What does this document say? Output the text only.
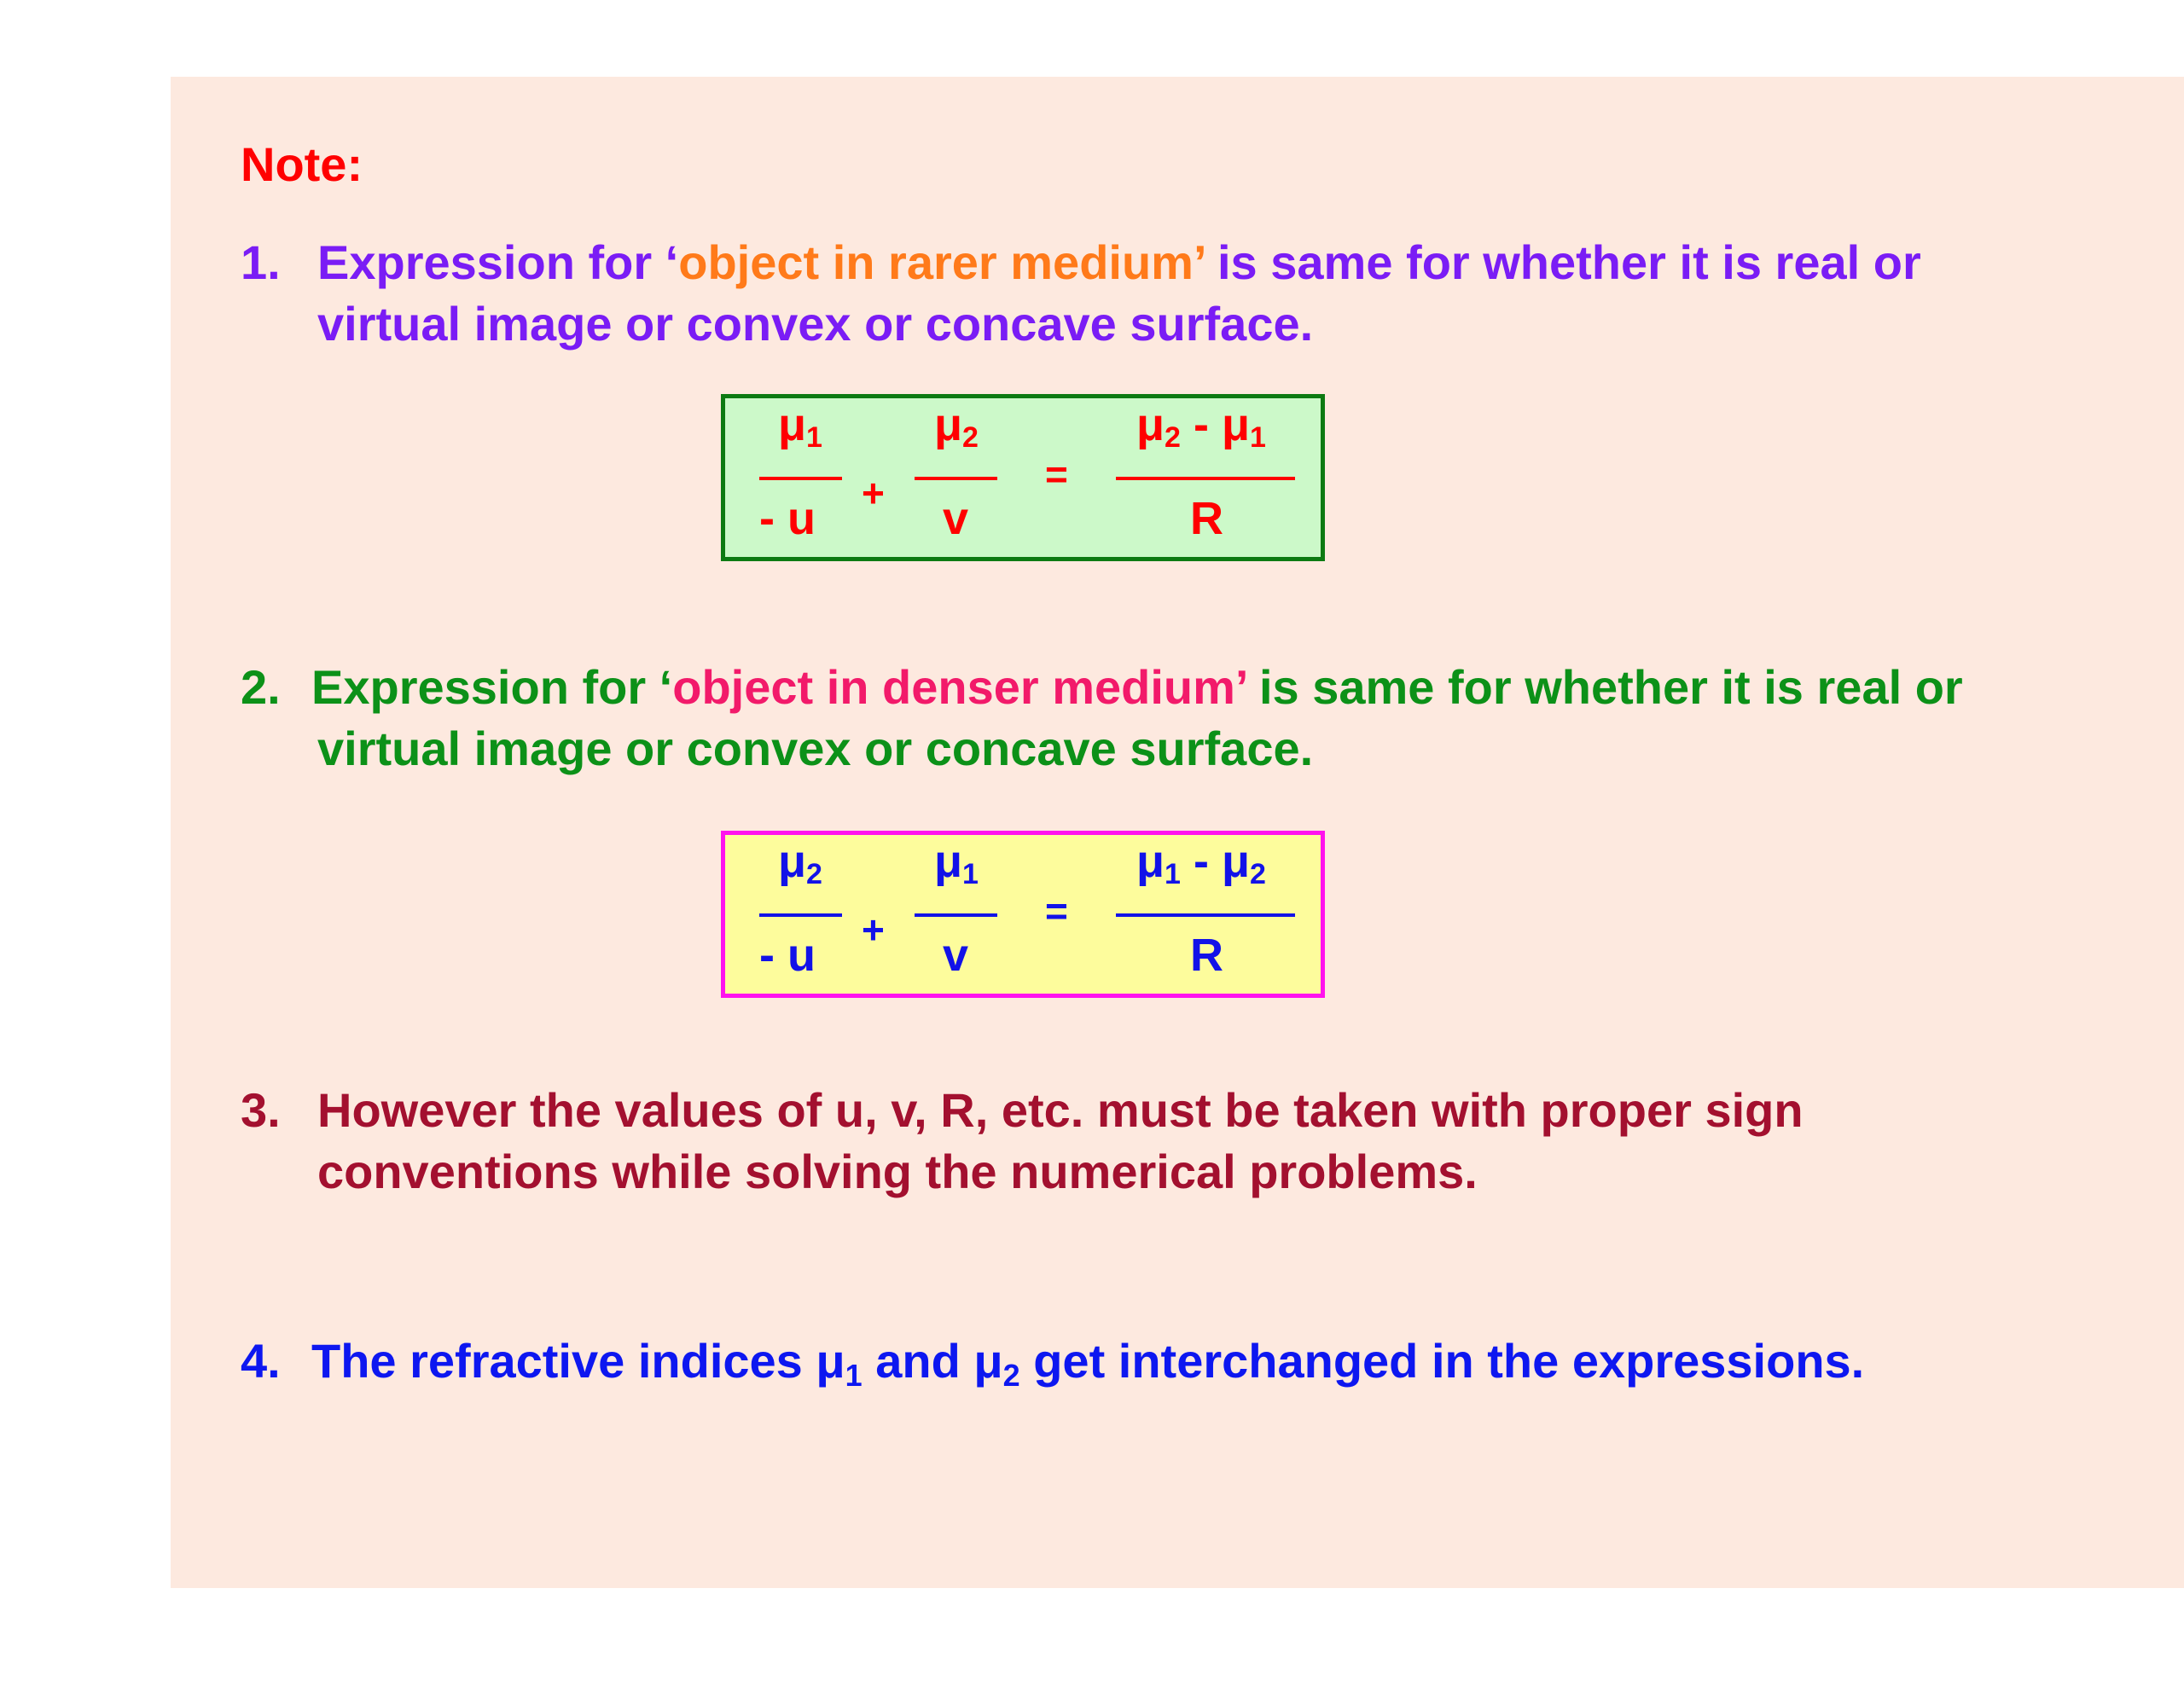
Note:
1. Expression for ‘object in rarer medium’ is same for whether it is real or
virtual image or convex or concave surface.
$\mu_1$
- u +
$\mu_2$
v
=
$\mu_2 - \mu_1$
R
2. Expression for ‘object in denser medium’ is same for whether it is real or
virtual image or convex or concave surface.
$\mu_2$
- u +
$\mu_1$
v
=
$\mu_1 - \mu_2$
R
3. However the values of u, v, R, etc. must be taken with proper sign
conventions while solving the numerical problems.
4. The refractive indices $\mu_1$ and $\mu_2$ get interchanged in the expressions.
